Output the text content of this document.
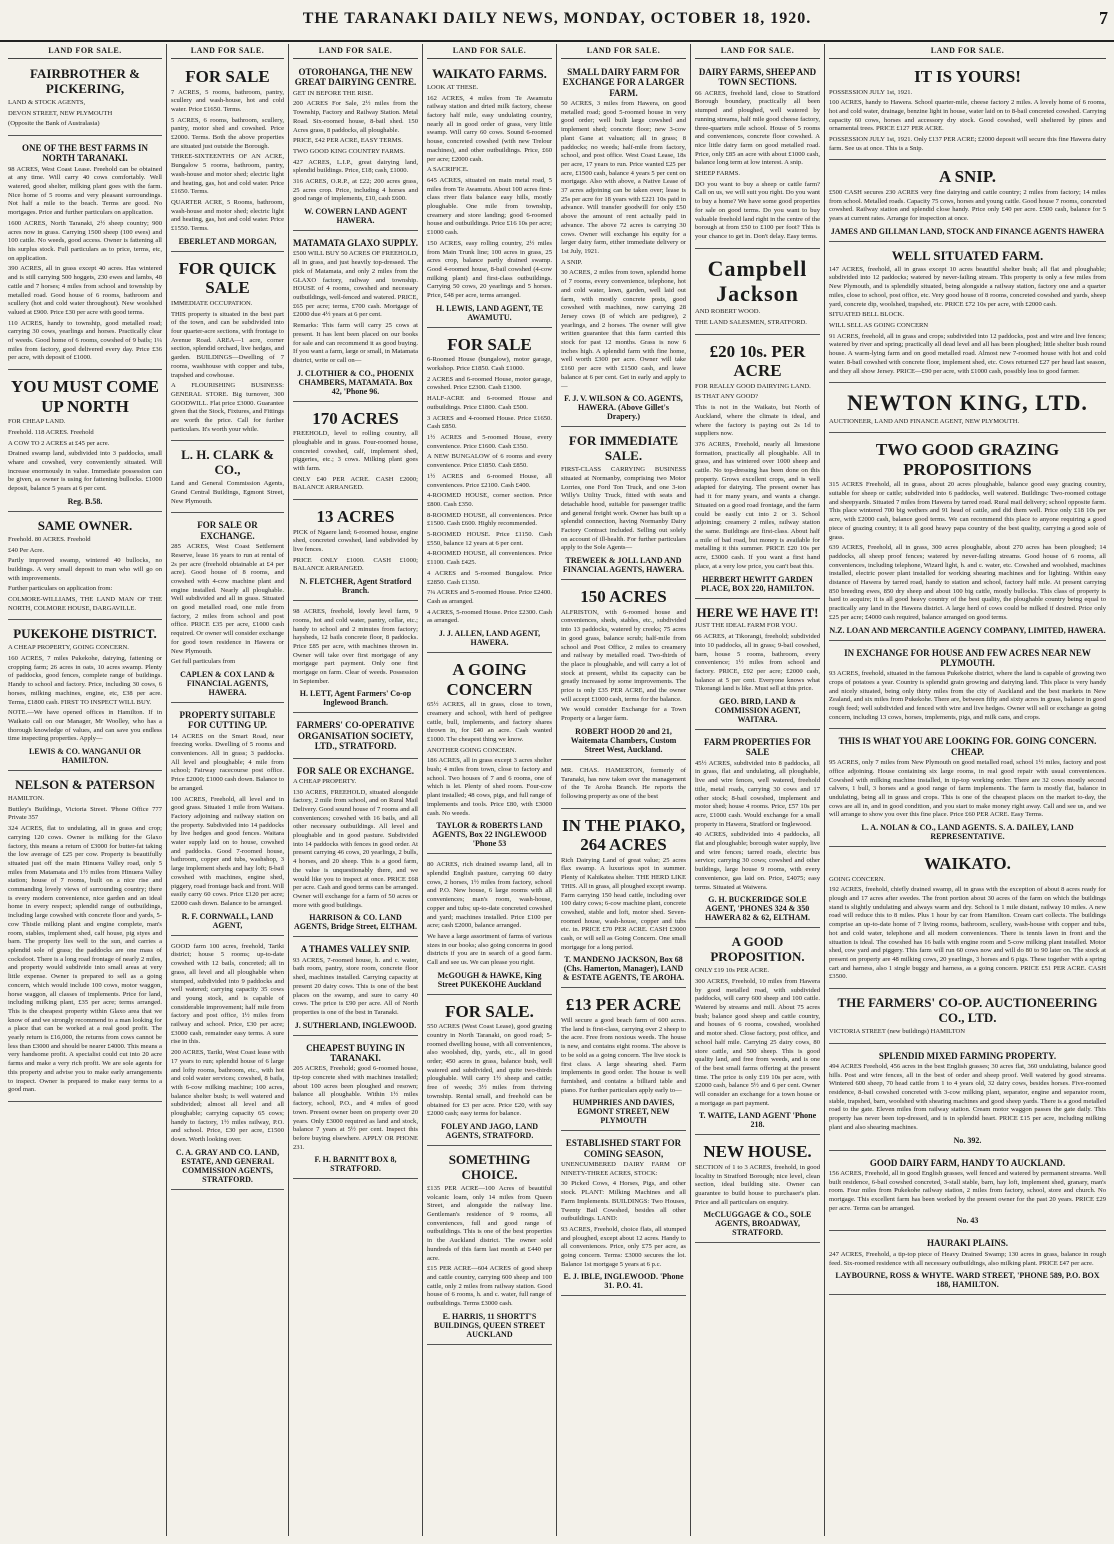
THE TARANAKI DAILY NEWS, MONDAY, OCTOBER 18, 1920.	7
LAND FOR SALE.
FAIRBROTHER & PICKERING,

LAND & STOCK AGENTS,

DEVON STREET, NEW PLYMOUTH

(Opposite the Bank of Australasia)

ONE OF THE BEST FARMS IN NORTH TARANAKI.

98 ACRES, West Coast Lease. Freehold can be obtained at any time. Will carry 40 cows comfortably. Well watered, good shelter, milking plant goes with the farm. Nice home of 5 rooms and very pleasant surroundings. Not half a mile to the beach. Terms are good. No mortgages. Price and further particulars on application.

1600 ACRES, North Taranaki, 2½ sheep country; 900 acres now in grass. Carrying 1500 sheep (100 ewes) and 100 cattle. No weeds, good access. Owner is fattening all his surplus stock. Full particulars as to price, terms, etc, on application.

390 ACRES, all in grass except 40 acres. Has wintered and is still carrying 500 hoggets, 230 ewes and lambs, 48 cattle and 7 horses; 4 miles from school and township by metalled road. Good house of 6 rooms, bathroom and scullery (hot and cold water throughout). New woolshed valued at £900. Price £30 per acre with good terms.

110 ACRES, handy to township, good metalled road; carrying 30 cows, yearlings and horses. Practically clear of weeds. Good home of 6 rooms, cowshed of 9 bails; 1¼ miles from factory, good delivered every day. Price £36 per acre, with deposit of £1000.

YOU MUST COME UP NORTH

FOR CHEAP LAND.

Freehold. 118 ACRES. Freehold

A COW TO 2 ACRES at £45 per acre.

Drained swamp land, subdivided into 3 paddocks, small whare and cowshed, very conveniently situated. Will increase enormously in value. Immediate possession can be given, as owner is using for fattening bullocks. £1000 deposit, balance 5 years at 6 per cent.

Reg. B.58.
SAME OWNER.

Freehold. 80 ACRES. Freehold

£40 Per Acre.

Partly improved swamp, wintered 40 bullocks, no buildings. A very small deposit to man who will go on with improvements.

Further particulars on application from:

COLMORE-WILLIAMS, THE LAND MAN OF THE NORTH, COLMORE HOUSE, DARGAVILLE.

PUKEKOHE DISTRICT.

A CHEAP PROPERTY, GOING CONCERN.

160 ACRES, 7 miles Pukekohe, dairying, fattening or cropping farm; 26 acres in oats, 10 acres swamp. Plenty of paddocks, good fences, complete range of buildings. Handy to school and factory. Price, including 30 cows, 6 horses, milking machines, engine, etc, £38 per acre. Terms, £1800 cash. FIRST TO INSPECT WILL BUY.

NOTE.—We have opened offices in Hamilton. If in Waikato call on our Manager, Mr Woolley, who has a thorough knowledge of values, and can save you endless time inspecting properties. Apply—

LEWIS & CO. WANGANUI OR HAMILTON.
NELSON & PATERSON

HAMILTON.

Buttley's Buildings, Victoria Street. 'Phone Office 777 Private 357

324 ACRES, flat to undulating, all in grass and crop; carrying 120 cows. Owner is milking for the Glaxo factory, this means a return of £3000 for butter-fat taking the low average of £25 per cow. Property is beautifully situated just off the main Hinuera Valley road, only 5 miles from Matamata and 1½ miles from Hinuera Valley station; house of 7 rooms, built on a nice rise and commanding lovely views of surrounding country; there is every modern convenience, nice garden and an ideal home in every respect; splendid range of outbuildings, including large cowshed with concrete floor and yards, 5-cow Thistle milking plant and engine complete, man's room, stables, implement shed, calf house, pig styes and barn. The property lies well to the sun, and carries a splendid sole of grass; the paddocks are one mass of cocksfoot. There is a long road frontage of nearly 2 miles, and property would subdivide into small areas at very little expense. Owner is prepared to sell as a going concern, which would include 100 cows, motor waggon, horse waggon, all classes of implements. Price for land, including milking plant, £35 per acre; terms arranged. This is the cheapest property within Glaxo area that we know of and we strongly recommend to a man looking for a place that can be worked at a real good profit. The yearly return is £16,000, the returns from cows cannot be less than £3000 and should be nearer £4000. This means a very handsome profit. A specialist could cut into 20 acre farms and make a very rich profit. We are sole agents for this property and advise you to make early arrangements to inspect. Owner is prepared to make easy terms to a good man.

LAND FOR SALE.
FOR SALE

7 ACRES, 5 rooms, bathroom, pantry, scullery and wash-house, hot and cold water. Price £1650. Terms.

5 ACRES, 6 rooms, bathroom, scullery, pantry, motor shed and cowshed. Price £2000. Terms. Both the above properties are situated just outside the Borough.

THREE-SIXTEENTHS OF AN ACRE, Bungalow 5 rooms, bathroom, pantry, wash-house and motor shed; electric light and heating, gas, hot and cold water. Price £1650. Terms.

QUARTER ACRE, 5 Rooms, bathroom, wash-house and motor shed; electric light and heating, gas, hot and cold water. Price £1550. Terms.

EBERLET AND MORGAN,
FOR QUICK SALE

IMMEDIATE OCCUPATION.

THIS property is situated in the best part of the town, and can be subdivided into four quarter-acre sections, with frontage to Avenue Road. AREA—1 acre, corner section, splendid orchard, live hedges, and garden. BUILDINGS—Dwelling of 7 rooms, washhouse with copper and tubs, trapshed and cowhouse.

A FLOURISHING BUSINESS: GENERAL STORE. Big turnover, 300 GOODWILL. Flat price £3000. Guarantee given that the Stock, Fixtures, and Fittings are worth the price. Call for further particulars. It's worth your while.

L. H. CLARK & CO.,

Land and General Commission Agents, Grand Central Buildings, Egmont Street, New Plymouth.

FOR SALE OR EXCHANGE.

285 ACRES, West Coast Settlement Reserve, lease 16 years to run at rental of 2s per acre (freehold obtainable at £4 per acre). Good house of 8 rooms, and cowshed with 4-cow machine plant and engine installed. Nearly all ploughable. Well subdivided and all in grass. Situated on good metalled road, one mile from factory, 2 miles from school and post office. PRICE £35 per acre, £1000 cash required. Or owner will consider exchange for good town residence in Hawera or New Plymouth.

Get full particulars from

CAPLEN & COX LAND & FINANCIAL AGENTS, HAWERA.
PROPERTY SUITABLE FOR CUTTING UP.

14 ACRES on the Smart Road, near freezing works. Dwelling of 5 rooms and conveniences. All in grass; 3 paddocks. All level and ploughable; 4 mile from school; Fairway racecourse post office. Price £2000; £1000 cash down. Balance to be arranged.

100 ACRES, Freehold, all level and in good grass. Situated 1 mile from Waitara. Factory adjoining and railway station on the property. Subdivided into 14 paddocks by live hedges and good fences. Waitara water supply laid on to house, cowshed and paddocks. Good 7-roomed house, bathroom, copper and tubs, washshop, 3 large implement sheds and hay loft; 8-bail cowshed with machines, engine shed, piggery, road frontage back and front. Will easily carry 60 cows. Price £120 per acre; £2000 cash down. Balance to be arranged.

R. F. CORNWALL, LAND AGENT,

GOOD farm 100 acres, freehold, Tariki district; house 5 rooms; up-to-date cowshed with 12 bails, concreted; all in grass, all level and all ploughable when stumped, subdivided into 9 paddocks and well watered; carrying capacity 35 cows and young stock, and is capable of considerable improvement; half mile from factory and post office, 1½ miles from railway and school. Price, £30 per acre; £3000 cash, remainder easy terms. A sure rise in this.

200 ACRES, Tariki, West Coast lease with 17 years to run; splendid house of 6 large and lofty rooms, bathroom, etc., with hot and cold water services; cowshed, 8 bails, with 6-cow milking machine; 100 acres, balance shelter bush; is well watered and subdivided; almost all level and all ploughable; carrying capacity 65 cows; handy to factory, 1½ miles railway, P.O. and school. Price, £30 per acre, £1500 down. Worth looking over.

C. A. GRAY AND CO. LAND, ESTATE, AND GENERAL COMMISSION AGENTS, STRATFORD.
LAND FOR SALE.
OTOROHANGA, THE NEW GREAT DAIRYING CENTRE.

GET IN BEFORE THE RISE.

200 ACRES For Sale, 2½ miles from the Township, Factory and Railway Station. Metal Road. Six-roomed house, 8-bail shed. 150 Acres grass, 8 paddocks, all ploughable.

PRICE, £42 PER ACRE, EASY TERMS.

TWO GOOD KING COUNTRY FARMS.

427 ACRES, L.I.P., great dairying land, splendid buildings. Price, £18; cash, £1000.

316 ACRES, O.R.P., at £22; 200 acres grass, 25 acres crop. Price, including 4 horses and good range of implements, £10, cash £600.

W. COWERN LAND AGENT HAWERA.
MATAMATA GLAXO SUPPLY.

£500 WILL BUY 50 ACRES OF FREEHOLD, all in grass, and just heavily top-dressed. The pick of Matamata, and only 2 miles from the GLAXO factory, railway and township. HOUSE of 4 rooms, cowshed and necessary outbuildings, well-fenced and watered. PRICE, £65 per acre; terms, £700 cash. Mortgage of £2000 due 4½ years at 6 per cent.

Remarks: This farm will carry 25 cows at present. It has lent been placed on our books for sale and can recommend it as good buying. If you want a farm, large or small, in Matamata district, write or call on—

J. CLOTHIER & CO., PHOENIX CHAMBERS, MATAMATA. Box 42, 'Phone 96.
170 ACRES

FREEHOLD, level to rolling country, all ploughable and in grass. Four-roomed house, concreted cowshed, calf, implement shed, piggeries, etc.; 3 cows. Milking plant goes with farm.

ONLY £40 PER ACRE. CASH £2000; BALANCE ARRANGED.

13 ACRES

PICK of Ngaere land; 6-roomed house, engine shed, concreted cowshed, land subdivided by live fences.

PRICE ONLY £1000. CASH £1000; BALANCE ARRANGED.

N. FLETCHER, Agent Stratford Branch.

98 ACRES, freehold, lovely level farm, 9 rooms, hot and cold water, pantry, cellar, etc.; handy to school and 2 minutes from factory; haysheds, 12 bails concrete floor, 8 paddocks. Price £85 per acre, with machines thrown in. Owner will take over first mortgage of any mortgage part payment. Only one first mortgage on farm. Clear of weeds. Possession in September.

H. LETT, Agent Farmers' Co-op Inglewood Branch.
FARMERS' CO-OPERATIVE ORGANISATION SOCIETY, LTD., STRATFORD.
FOR SALE OR EXCHANGE.

A CHEAP PROPERTY.

130 ACRES, FREEHOLD, situated alongside factory, 2 mile from school, and on Rural Mail Delivery. Good sound house of 7 rooms and all conveniences; cowshed with 16 bails, and all other necessary outbuildings. All level and ploughable and in good pasture. Subdivided into 14 paddocks with fences in good order. At present carrying 46 cows, 20 yearlings, 2 bulls, 4 horses, and 20 sheep. This is a good farm, the value is unquestionably there, and we would like you to inspect at once. PRICE £68 per acre. Cash and good terms can be arranged. Owner will exchange for a farm of 50 acres or more with good buildings.

HARRISON & CO. LAND AGENTS, Bridge Street, ELTHAM.
A THAMES VALLEY SNIP.

93 ACRES, 7-roomed house, h. and c. water, bath room, pantry, store room, concrete floor shed, machines installed. Carrying capacity at present 20 dairy cows. This is one of the best places on the swamp, and sure to carry 40 cows. The price is £90 per acre. All of North properties is one of the best in Taranaki.

J. SUTHERLAND, INGLEWOOD.
CHEAPEST BUYING IN TARANAKI.

205 ACRES, Freehold; good 6-roomed house, tip-top concrete shed with machines installed; about 100 acres been ploughed and resown; balance all ploughable. Within 1½ miles factory, school, P.O., and 4 miles of good town. Present owner been on property over 20 years. Only £3000 required as land and stock, balance 7 years at 5½ per cent. Inspect this before buying elsewhere. APPLY OR PHONE 231.

F. H. BARNITT BOX 8, STRATFORD.
LAND FOR SALE.
WAIKATO FARMS.

LOOK AT THESE.

162 ACRES, 4 miles from Te Awamutu railway station and dried milk factory, cheese factory half mile, easy undulating country, nearly all in good order of grass, very little swamp. Will carry 60 cows. Sound 6-roomed house, concreted cowshed (with new Trelour machines), and other outbuildings. Price, £60 per acre; £2000 cash.

A SACRIFICE.

645 ACRES, situated on main metal road, 5 miles from Te Awamutu. About 100 acres first-class river flats balance easy hills, mostly ploughable. One mile from township, creamery and store landing; good 6-roomed house and outbuildings. Price £16 10s per acre; £1000 cash.

150 ACRES, easy rolling country, 2½ miles from Main Trunk line; 100 acres in grass, 25 acres crop, balance partly drained swamp. Good 4-roomed house, 8-bail cowshed (4-cow milking plant) and first-class outbuildings. Carrying 50 cows, 20 yearlings and 5 horses. Price, £48 per acre, terms arranged.

H. LEWIS, LAND AGENT, TE AWAMUTU.
FOR SALE

6-Roomed House (bungalow), motor garage, workshop. Price £1850. Cash £1000.

2 ACRES and 6-roomed House, motor garage, cowshed. Price £2300. Cash £1300.

HALF-ACRE and 6-roomed House and outbuildings. Price £1800. Cash £500.

3 ACRES and 4-roomed House. Price £1650. Cash £850.

1½ ACRES and 5-roomed House, every convenience. Price £1600. Cash £350.

A NEW BUNGALOW of 6 rooms and every convenience. Price £1850. Cash £850.

1½ ACRES and 6-roomed House, all conveniences. Price £2100. Cash £400.

4-ROOMED HOUSE, corner section. Price £800. Cash £350.

8-ROOMED HOUSE, all conveniences. Price £1500. Cash £600. Highly recommended.

5-ROOMED HOUSE. Price £1150. Cash £550, balance 12 years at 6 per cent.

4-ROOMED HOUSE, all conveniences. Price £1100. Cash £425.

4 ACRES and 5-roomed Bungalow. Price £2850. Cash £1350.

7¼ ACRES and 5-roomed House. Price £2400. Cash as arranged.

4 ACRES, 5-roomed House. Price £2300. Cash as arranged.

J. J. ALLEN, LAND AGENT, HAWERA.
A GOING CONCERN

65½ ACRES, all in grass, close to town, creamery and school, with herd of pedigree cattle, bull, implements, and factory shares thrown in, for £40 an acre. Cash wanted £1000. The cheapest thing we know.

ANOTHER GOING CONCERN.

186 ACRES, all in grass except 3 acres shelter bush; 4 miles from town, close to factory and school. Two houses of 7 and 6 rooms, one of which is let. Plenty of shed room. Four-cow plant installed; 48 cows, pigs, and full range of implements and tools. Price £80, with £3000 cash. No weeds.

TAYLOR & ROBERTS LAND AGENTS, Box 22 INGLEWOOD 'Phone 53

80 ACRES, rich drained swamp land, all in splendid English pasture, carrying 60 dairy cows, 2 horses, 1½ miles from factory, school and P.O. New house, 6 large rooms with all conveniences; man's room, wash-house, copper and tubs; up-to-date concreted cowshed and yard; machines installed. Price £100 per acre; cash £2000, balance arranged.

We have a large assortment of farms of various sizes in our books; also going concerns in good districts if you are in search of a good farm. Call and see us. We can please you right.

McGOUGH & HAWKE, King Street PUKEKOHE Auckland
FOR SALE.

550 ACRES (West Coast Lease), good grazing country in North Taranaki, on good road; 5-roomed dwelling house, with all conveniences, also woolshed, dip, yards, etc., all in good order; 450 acres in grass, balance bush, well watered and subdivided, and quite two-thirds ploughable. Will carry 1½ sheep and cattle; free of weeds; 3½ miles from thriving township. Rental small, and freehold can be obtained for £3 per acre. Price £20, with say £2000 cash; easy terms for balance.

FOLEY AND JAGO, LAND AGENTS, STRATFORD.
SOMETHING CHOICE.

£135 PER ACRE—100 Acres of beautiful volcanic loam, only 14 miles from Queen Street, and alongside the railway line. Gentleman's residence of 9 rooms, all conveniences, full and good range of outbuildings. This is one of the best properties in the Auckland district. The owner sold hundreds of this farm last month at £440 per acre.

£15 PER ACRE—604 ACRES of good sheep and cattle country, carrying 600 sheep and 100 cattle, only 2 miles from railway station. Good house of 6 rooms, h. and c. water, full range of outbuildings. Terms £3000 cash.

E. HARRIS, 11 SHORTT'S BUILDINGS, QUEEN STREET AUCKLAND
LAND FOR SALE.
SMALL DAIRY FARM FOR EXCHANGE FOR A LARGER FARM.

50 ACRES, 3 miles from Hawera, on good metalled road; good 5-roomed house in very good order; well built large cowshed and implement shed; concrete floor; new 3-cow plant Gane at valuation; all in grass; 8 paddocks; no weeds; half-mile from factory, school, and post office. West Coast Lease, 18s per acre, 17 years to run. Price wanted £25 per acre, £1500 cash, balance 4 years 5 per cent on mortgage. Also with above, a Native Lease of 37 acres adjoining can be taken over; lease is 25s per acre for 18 years with £221 10s paid in advance. Will transfer goodwill for only £50 above the amount of rent actually paid in advance. The above 72 acres is carrying 30 cows. Owner will exchange his equity for a larger dairy farm, either immediate delivery or 1st July, 1921.

A SNIP.

30 ACRES, 2 miles from town, splendid home of 7 rooms, every convenience, telephone, hot and cold water, lawn, garden, well laid out farm, with mostly concrete posts, good cowshed with machines, now carrying 28 Jersey cows (8 of which are pedigree), 2 yearlings, and 2 horses. The owner will give written guarantee that this farm carried this stock for past 12 months. Grass is now 6 inches high. A splendid farm with fine home, well worth £300 per acre. Owner will take £160 per acre with £1500 cash, and leave balance at 6 per cent. Get in early and apply to—

F. J. V. WILSON & CO. AGENTS, HAWERA. (Above Gillet's Drapery.)
FOR IMMEDIATE SALE.

FIRST-CLASS CARRYING BUSINESS situated at Normanby, comprising two Motor Lorries, one Ford Ton Truck, and one 3-ton Willy's Utility Truck, fitted with seats and detachable hood, suitable for passenger traffic and general freight work. Owner has built up a splendid connection, having Normanby Dairy Factory Contract included. Selling out solely on account of ill-health. For further particulars apply to the Sole Agents—

TREWEEK & JOLL LAND AND FINANCIAL AGENTS, HAWERA.
150 ACRES

ALFRISTON, with 6-roomed house and conveniences, sheds, stables, etc., subdivided into 13 paddocks, watered by creeks; 75 acres in good grass, balance scrub; half-mile from school and Post Office, 2 miles to creamery and railway by metalled road. Two-thirds of the place is ploughable, and will carry a lot of stock at present, whilst its capacity can be greatly increased by some improvements. The price is only £35 PER ACRE, and the owner will accept £1000 cash, terms for the balance.

We would consider Exchange for a Town Property or a larger farm.

ROBERT HOOD 20 and 21, Waitemata Chambers, Custom Street West, Auckland.

MR. CHAS. HAMERTON, formerly of Taranaki, has now taken over the management of the Te Aroha Branch. He reports the following property as one of the best

IN THE PIAKO, 264 ACRES

Rich Dairying Land of great value; 25 acres flax swamp. A luxurious spot in summer. Plenty of Kahikatea shelter. THE HERD LIKE THIS. All in grass, all ploughed except swamp. Farm carrying 150 head cattle, including over 100 dairy cows; 6-cow machine plant, concrete cowshed, stable and loft, motor shed. Seven-roomed house, wash-house, copper and tubs etc. in. PRICE £70 PER ACRE. CASH £3000 cash, or will sell as Going Concern. One small mortgage for a long period.

T. MANDENO JACKSON, Box 68 (Chs. Hamerton, Manager), LAND & ESTATE AGENTS, TE AROHA.
£13 PER ACRE

Will secure a good beach farm of 600 acres. The land is first-class, carrying over 2 sheep to the acre. Free from noxious weeds. The house is new, and contains eight rooms. The above is to be sold as a going concern. The live stock is first class. A large shearing shed. Farm implements in good order. The house is well furnished, and contains a billiard table and piano. For further particulars apply early to—

HUMPHRIES AND DAVIES, EGMONT STREET, NEW PLYMOUTH
ESTABLISHED START FOR COMING SEASON,

UNENCUMBERED DAIRY FARM OF NINETY-THREE ACRES, STOCK:

30 Picked Cows, 4 Horses, Pigs, and other stock. PLANT: Milking Machines and all Farm Implements. BUILDINGS: Two Houses, Twenty Bail Cowshed, besides all other outbuildings. LAND:

93 ACRES, Freehold, choice flats, all stumped and ploughed, except about 12 acres. Handy to all conveniences. Price, only £75 per acre, as going concern. Terms: £3000 secures the lot. Balance 1st mortgage 5 years at 6 p.c.

E. J. IBLE, INGLEWOOD. 'Phone 31. P.O. 41.
LAND FOR SALE.
DAIRY FARMS, SHEEP AND TOWN SECTIONS.

66 ACRES, freehold land, close to Stratford Borough boundary, practically all been stumped and ploughed, well watered by running streams, half mile good cheese factory, three-quarters mile school. House of 5 rooms and conveniences, concrete floor cowshed. A nice little dairy farm on good metalled road. Price, only £85 an acre with about £1000 cash, balance long term at low interest. A snip.

SHEEP FARMS.

DO you want to buy a sheep or cattle farm? Call on us, we will suit you right. Do you want to buy a home? We have some good properties for sale on good terms. Do you want to buy valuable freehold land right in the centre of the borough at from £50 to £100 per foot? This is your chance to get in. Don't delay. Easy terms.

Campbell Jackson

AND ROBERT WOOD.

THE LAND SALESMEN, STRATFORD.

£20 10s. PER ACRE

FOR REALLY GOOD DAIRYING LAND.

IS THAT ANY GOOD?

This is not in the Waikato, but North of Auckland, where the climate is ideal, and where the factory is paying out 2s 1d to suppliers now.

376 ACRES, Freehold, nearly all limestone formation, practically all ploughable. All in grass, and has wintered over 1000 sheep and cattle. No top-dressing has been done on this property. Grows excellent crops, and is well adapted for dairying. The present owner has had it for many years, and wants a change. Situated on a good road frontage, and the farm could be easily cut into 2 or 3. School adjoining; creamery 2 miles, railway station the same. Buildings are first-class. About half a mile of bad road, but money is available for metalling it this summer. PRICE £20 10s per acre, £3000 cash. If you want a first hand place, at a very low price, you can't beat this.

HERBERT HEWITT GARDEN PLACE, BOX 220, HAMILTON.
HERE WE HAVE IT!

JUST THE IDEAL FARM FOR YOU.

66 ACRES, at Tikorangi, freehold; subdivided into 10 paddocks, all in grass; 9-bail cowshed, barn, house 5 rooms, bathroom, every convenience; 1½ miles from school and factory. PRICE, £92 per acre; £2000 cash, balance at 5 per cent. Everyone knows what Tikorangi land is like. Must sell at this price.

GEO. BIRD, LAND & COMMISSION AGENT, WAITARA.
FARM PROPERTIES FOR SALE

45½ ACRES, subdivided into 8 paddocks, all in grass, flat and undulating, all ploughable, live and wire fences, well watered, freehold title, metal roads, carrying 30 cows and 17 other stock; 8-bail cowshed, implement and motor shed; house 4 rooms. Price, £57 10s per acre, £1000 cash. Would exchange for a small property in Hawera, Stratford or Inglewood.

40 ACRES, subdivided into 4 paddocks, all flat and ploughable; borough water supply, live and wire fences; tarred roads, electric bus service; carrying 30 cows; cowshed and other buildings, large house 9 rooms, with every convenience, gas laid on. Price, £4075; easy terms. Situated at Waiwera.

G. H. BUCKERIDGE SOLE AGENT, 'PHONES 324 & 350 HAWERA 82 & 62, ELTHAM.
A GOOD PROPOSITION.

ONLY £19 10s PER ACRE.

300 ACRES, Freehold, 10 miles from Hawera by good metalled road, with subdivided paddocks, will carry 600 sheep and 100 cattle. Watered by streams and mill. About 75 acres bush; balance good sheep and cattle country, and houses of 6 rooms, cowshed, woolshed and motor shed. Close factory, post office, and school half mile. Carrying 25 dairy cows, 80 store cattle, and 500 sheep. This is good quality land, and free from weeds, and is one of the best small farms offering at the present time. The price is only £19 10s per acre, with £2000 cash, balance 5½ and 6 per cent. Owner will consider an exchange for a town house or a mortgage as part payment.

T. WAITE, LAND AGENT 'Phone 218.
NEW HOUSE.

SECTION of 1 to 3 ACRES, freehold, in good locality in Stratford Borough; nice level, clean section, ideal building site. Owner can guarantee to build house to purchaser's plan. Price and all particulars on enquiry.

McCLUGGAGE & CO., SOLE AGENTS, BROADWAY, STRATFORD.
LAND FOR SALE.
IT IS YOURS!

POSSESSION JULY 1st, 1921.

100 ACRES, handy to Hawera. School quarter-mile, cheese factory 2 miles. A lovely home of 6 rooms, hot and cold water, drainage, benzine light in house, water laid on to 8-bail concreted cowshed. Carrying capacity 60 cows, horses and accessory dry stock. Good cowshed, well sheltered by pines and ornamental trees. PRICE £127 PER ACRE.

POSSESSION JULY 1st, 1921. Only £137 PER ACRE; £2000 deposit will secure this fine Hawera dairy farm. See us at once. This is a Snip.

A SNIP.

£500 CASH secures 230 ACRES very fine dairying and cattle country; 2 miles from factory; 14 miles from school. Metalled roads. Capacity 75 cows, horses and young cattle. Good house 7 rooms, concreted cowshed. Railway station and splendid close handy. Price only £40 per acre. £500 cash, balance for 5 years at current rates. Arrange for inspection at once.

JAMES AND GILLMAN LAND, STOCK AND FINANCE AGENTS HAWERA
WELL SITUATED FARM.

147 ACRES, freehold, all in grass except 10 acres beautiful shelter bush; all flat and ploughable; subdivided into 12 paddocks; watered by never-failing stream. This property is only a few miles from New Plymouth, and is splendidly situated, being alongside a railway station, factory one and a quarter miles, close to school, post office, etc. Very good house of 8 rooms, concreted cowshed and yards, sheep yard, concrete dip, woolshed, trapshed, etc. PRICE £72 10s per acre, with £2000 cash.

SITUATED BELL BLOCK.

WILL SELL AS GOING CONCERN

91 ACRES, freehold, all in grass and crops; subdivided into 12 paddocks, post and wire and live fences; watered by river and spring; practically all dead level and all has been ploughed; little shelter bush round house. A warm-lying farm and on good metalled road. Almost new 7-roomed house with hot and cold water. 8-bail cowshed with concrete floor, implement shed, etc. Cows returned £27 per head last season, and they all show Jersey. PRICE—£90 per acre, with £1000 cash, possibly less to good farmer.

NEWTON KING, LTD.

AUCTIONEER, LAND AND FINANCE AGENT, NEW PLYMOUTH.

TWO GOOD GRAZING PROPOSITIONS

315 ACRES Freehold, all in grass, about 20 acres ploughable, balance good easy grazing country, suitable for sheep or cattle; subdivided into 6 paddocks, well watered. Buildings: Two-roomed cottage and sheepyards. Situated 7 miles from Hawera by tarred road. Rural mail delivery; school opposite farm. This place wintered 700 big wethers and 91 head of cattle, and did them well. Price only £18 10s per acre, with £2000 cash, balance good terms. We can recommend this place to anyone requiring a good piece of grazing country; it is all good heavy papa country of the best quality, carrying a good sole of grass.

639 ACRES, Freehold, all in grass, 300 acres ploughable, about 270 acres has been ploughed; 14 paddocks, all sheep proof fences; watered by never-failing streams. Good house of 6 rooms, all conveniences, including telephone, Wizard light, h. and c. water, etc. Cowshed and woolshed, machines installed, electric power plant installed for working shearing machines and for lighting. Within easy distance of Hawera by tarred road, handy to station and school, factory half mile. At present carrying 850 breeding ewes, 850 dry sheep and about 100 big cattle, mostly bullocks. This class of property is hard to acquire; it is all good heavy country of the best quality, the ploughable country being equal to practically any land in the Hawera district. A large herd of cows could be milked if desired. Price only £25 per acre; £4000 cash required, balance arranged on good terms.

N.Z. LOAN AND MERCANTILE AGENCY COMPANY, LIMITED, HAWERA.
IN EXCHANGE FOR HOUSE AND FEW ACRES NEAR NEW PLYMOUTH.

93 ACRES, freehold, situated in the famous Pukekohe district, where the land is capable of growing two crops of potatoes a year. Country is splendid grain growing and dairying land. This place is very handy and nicely situated, being only thirty miles from the city of Auckland and the best markets in New Zealand, and six miles from Pukekohe. There are, between fifty and sixty acres in grass, balance in good rough feed; well subdivided and fenced with wire and live hedges. Owner will sell or exchange as going concern, including 13 cows, horses, implements, pigs, and milk cans, and crops.

THIS IS WHAT YOU ARE LOOKING FOR. GOING CONCERN. CHEAP.

95 ACRES, only 7 miles from New Plymouth on good metalled road, school 1½ miles, factory and post office adjoining. House containing six large rooms, in real good repair with usual conveniences. Cowshed with milking machine installed, in tip-top working order. There are 32 cows mostly second calvers, 1 bull, 3 horses and a good range of farm implements. The farm is mostly flat, balance in undulating, being all in grass and crops. This is one of the cheapest places on the market to-day, the cows are all in, and in good condition, and you start to make money right away. Call and see us, and we will arrange to show you over this fine place. Price £60 PER ACRE. Easy Terms.

L. A. NOLAN & CO., LAND AGENTS. S. A. DAILEY, LAND REPRESENTATIVE.
WAIKATO.

GOING CONCERN.

192 ACRES, freehold, chiefly drained swamp, all in grass with the exception of about 8 acres ready for plough and 17 acres after swedes. The front portion about 30 acres of the farm on which the buildings stand is slightly undulating and always warm and dry. School is 1 mile distant, railway 10 miles. A new road will reduce this to 8 miles. Plus 1 hour by car from Hamilton. Cream cart collects. The buildings comprise an up-to-date home of 7 living rooms, bathroom, scullery, wash-house with copper and tubs, hot and cold water, telephone and all modern conveniences. There is tennis lawn in front and the situation is ideal. The cowshed has 16 bails with engine room and 5-cow milking plant installed. Motor shed, cow yard and piggery. This farm will run 60 cows now and will do 80 to 90 later on. The stock at present on property are 48 milking cows, 20 yearlings, 3 horses and 6 pigs. These together with a spring cart and harness, also 1 single buggy and harness, as a going concern. PRICE £51 PER ACRE. CASH £3500.

THE FARMERS' CO-OP. AUCTIONEERING CO., LTD.

VICTORIA STREET (new buildings) HAMILTON

SPLENDID MIXED FARMING PROPERTY.

494 ACRES Freehold, 456 acres in the best English grasses; 30 acres flat, 360 undulating, balance good hills. Post and wire fences, all in the best of order and sheep proof. Well watered by good streams. Wintered 600 sheep, 70 head cattle from 1 to 4 years old, 32 dairy cows, besides horses. Five-roomed residence, 8-bail cowshed concreted with 3-cow milking plant, separator, engine and separator room, stable, trapshed, barn, woolshed with shearing machines and good sheep yards. There is a good metalled road to the gate. Eleven miles from railway station. Cream motor waggon passes the gate daily. This property has never been top-dressed, and is in splendid heart. PRICE £15 per acre, including milking plant and also shearing machines.

No. 392.
GOOD DAIRY FARM, HANDY TO AUCKLAND.

156 ACRES, Freehold, all in good English grasses, well fenced and watered by permanent streams. Well built residence, 6-bail cowshed concreted, 3-stall stable, barn, hay loft, implement shed, granary, man's room. Four miles from Pukekohe railway station, 2 miles from factory, school, store and church. No mortgage. This excellent farm has been worked by the present owner for the past 20 years. PRICE £29 per acre. Terms can be arranged.

No. 43
HAURAKI PLAINS.

247 ACRES, Freehold, a tip-top piece of Heavy Drained Swamp; 130 acres in grass, balance in rough feed. Six-roomed residence with all necessary outbuildings, also milking plant. PRICE £47 per acre.

LAYBOURNE, ROSS & WHYTE. WARD STREET, 'PHONE 589, P.O. BOX 188, HAMILTON.
